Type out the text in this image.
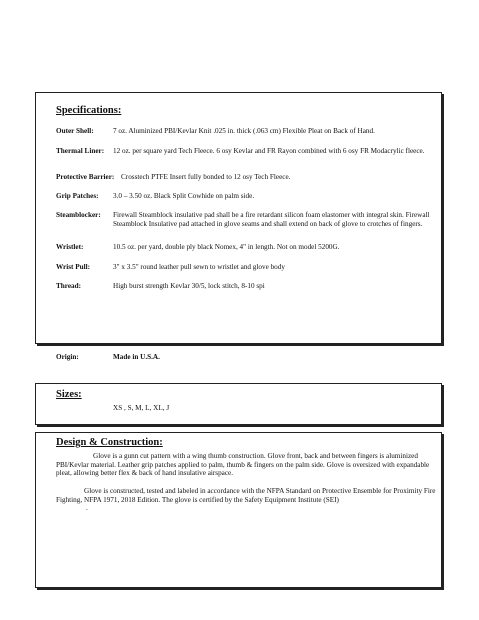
Specifications:
Outer Shell:	7 oz. Aluminized PBI/Kevlar Knit .025 in. thick (.063 cm) Flexible Pleat on Back of Hand.
Thermal Liner: 12 oz. per square yard Tech Fleece. 6 osy Kevlar and FR Rayon combined with 6 osy FR Modacrylic fleece.
Protective Barrier: Crosstech PTFE Insert fully bonded to 12 osy Tech Fleece.
Grip Patches: 3.0 – 3.50 oz. Black Split Cowhide on palm side.
Steamblocker: Firewall Steamblock insulative pad shall be a fire retardant silicon foam elastomer with integral skin. Firewall Steamblock Insulative pad attached in glove seams and shall extend on back of glove to crotches of fingers.
Wristlet:	10.5 oz. per yard, double ply black Nomex, 4" in length. Not on model 5200G.
Wrist Pull:	3" x 3.5" round leather pull sewn to wristlet and glove body
Thread:	High burst strength Kevlar 30/5, lock stitch, 8-10 spi
Origin:	Made in U.S.A.
Sizes:
XS , S, M, L, XL, J
Design & Construction:
Glove is a gunn cut pattern with a wing thumb construction. Glove front, back and between fingers is aluminized PBI/Kevlar material. Leather grip patches applied to palm, thumb & fingers on the palm side. Glove is oversized with expandable pleat, allowing better flex & back of hand insulative airspace.
Glove is constructed, tested and labeled in accordance with the NFPA Standard on Protective Ensemble for Proximity Fire Fighting, NFPA 1971, 2018 Edition. The glove is certified by the Safety Equipment Institute (SEI)
.
